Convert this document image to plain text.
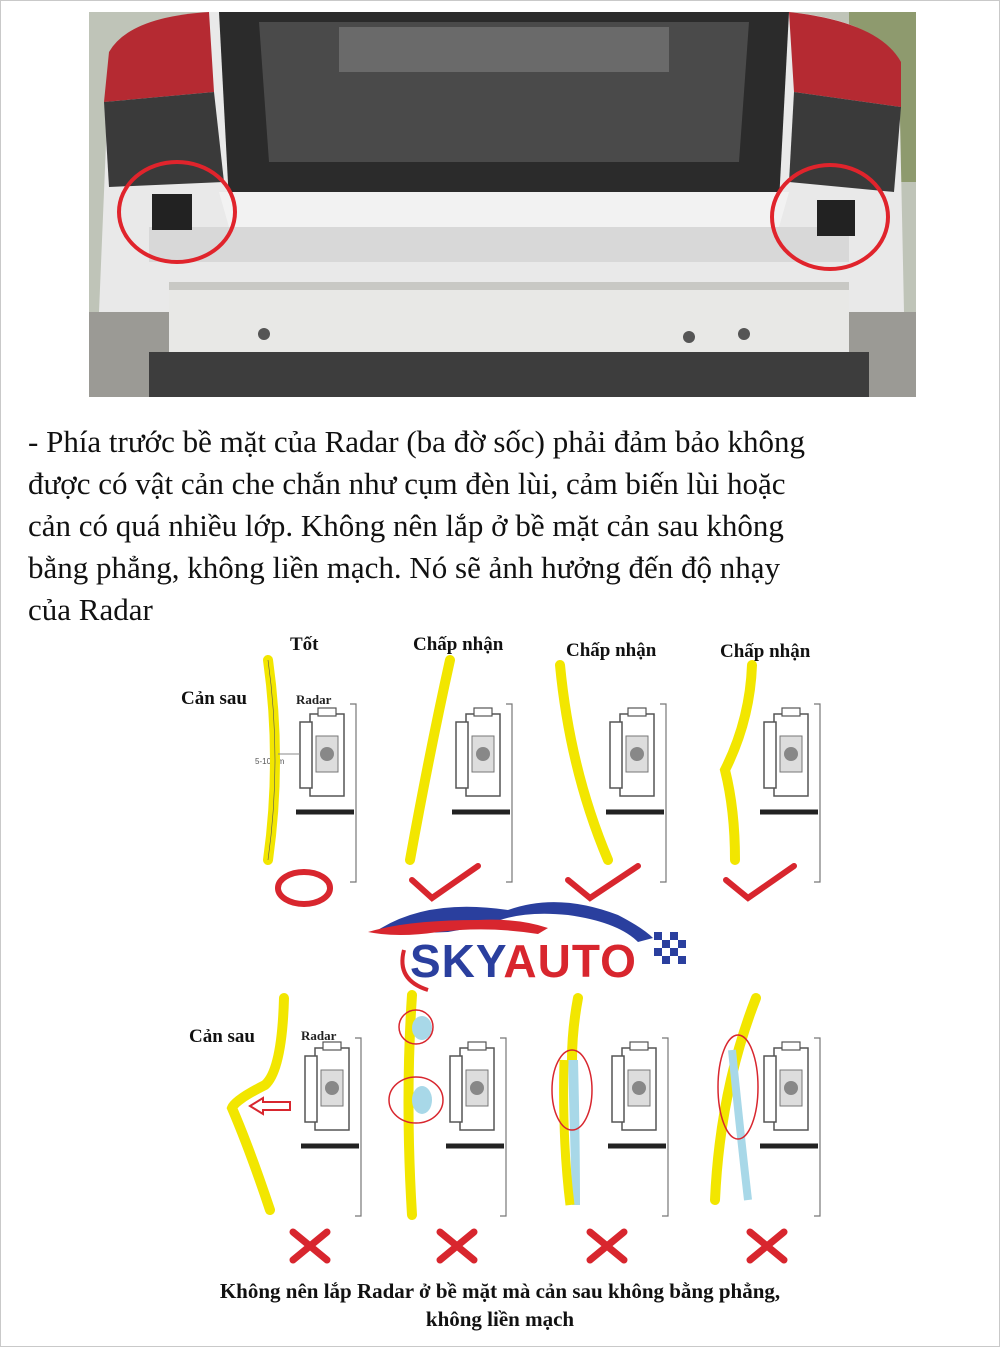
- Phía trước bề mặt của Radar (ba đờ sốc) phải đảm bảo không
được có vật cản che chắn như cụm đèn lùi, cảm biến lùi hoặc
cản có quá nhiều lớp. Không nên lắp ở bề mặt cản sau không
bằng phẳng, không liền mạch. Nó sẽ ảnh hưởng đến độ nhạy
của Radar
Tốt	Chấp nhận	Chấp nhận	Chấp nhận
Cản sau
Cản sau
Radar
Radar
5-10mm
SKYAUTO
Không nên lắp Radar ở bề mặt mà cản sau không bằng phẳng,
không liền mạch
